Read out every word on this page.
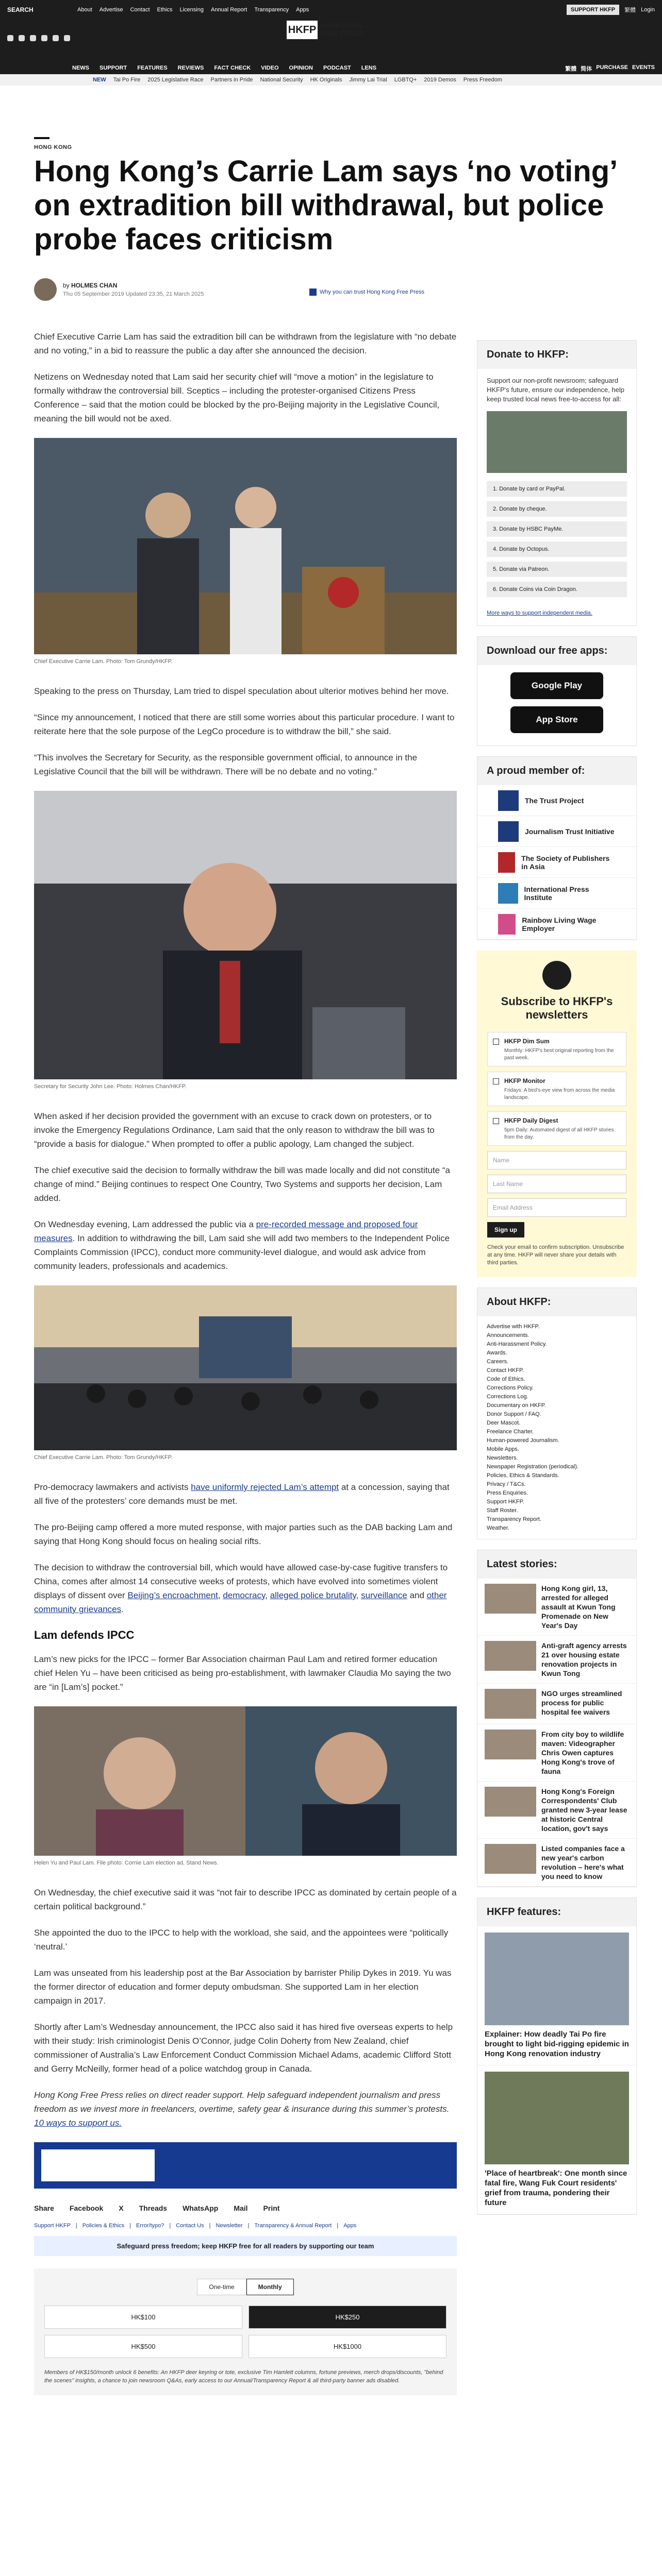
SEARCH	About Advertise Contact Ethics Licensing Annual Report Transparency Apps	SUPPORT HKFP	繁體 Login
HKFP HONG KONG
FREE PRESS
NEWS SUPPORT FEATURES REVIEWS FACT CHECK VIDEO OPINION PODCAST LENS	繁體 简体 PURCHASE EVENTS
NEW Tai Po Fire 2025 Legislative Race Partners in Pride National Security HK Originals Jimmy Lai Trial LGBTQ+ 2019 Demos Press Freedom
HONG KONG
Hong Kong’s Carrie Lam says ‘no voting’ on extradition bill withdrawal, but police probe faces criticism
by HOLMES CHAN
Thu 05 September 2019 Updated 23:35, 21 March 2025	Why you can trust Hong Kong Free Press

Chief Executive Carrie Lam has said the extradition bill can be withdrawn from the legislature with “no debate and no voting,” in a bid to reassure the public a day after she announced the decision.

Netizens on Wednesday noted that Lam said her security chief will “move a motion” in the legislature to formally withdraw the controversial bill. Sceptics – including the protester-organised Citizens Press Conference – said that the motion could be blocked by the pro-Beijing majority in the Legislative Council, meaning the bill would not be axed.

Chief Executive Carrie Lam. Photo: Tom Grundy/HKFP.

Speaking to the press on Thursday, Lam tried to dispel speculation about ulterior motives behind her move.

“Since my announcement, I noticed that there are still some worries about this particular procedure. I want to reiterate here that the sole purpose of the LegCo procedure is to withdraw the bill,” she said.

“This involves the Secretary for Security, as the responsible government official, to announce in the Legislative Council that the bill will be withdrawn. There will be no debate and no voting.”

Secretary for Security John Lee. Photo: Holmes Chan/HKFP.

When asked if her decision provided the government with an excuse to crack down on protesters, or to invoke the Emergency Regulations Ordinance, Lam said that the only reason to withdraw the bill was to “provide a basis for dialogue.” When prompted to offer a public apology, Lam changed the subject.

The chief executive said the decision to formally withdraw the bill was made locally and did not constitute “a change of mind.” Beijing continues to respect One Country, Two Systems and supports her decision, Lam added.

On Wednesday evening, Lam addressed the public via a pre-recorded message and proposed four measures. In addition to withdrawing the bill, Lam said she will add two members to the Independent Police Complaints Commission (IPCC), conduct more community-level dialogue, and would ask advice from community leaders, professionals and academics.

Chief Executive Carrie Lam. Photo: Tom Grundy/HKFP.

Pro-democracy lawmakers and activists have uniformly rejected Lam’s attempt at a concession, saying that all five of the protesters’ core demands must be met.

The pro-Beijing camp offered a more muted response, with major parties such as the DAB backing Lam and saying that Hong Kong should focus on healing social rifts.

The decision to withdraw the controversial bill, which would have allowed case-by-case fugitive transfers to China, comes after almost 14 consecutive weeks of protests, which have evolved into sometimes violent displays of dissent over Beijing’s encroachment, democracy, alleged police brutality, surveillance and other community grievances.

Lam defends IPCC

Lam’s new picks for the IPCC – former Bar Association chairman Paul Lam and retired former education chief Helen Yu – have been criticised as being pro-establishment, with lawmaker Claudia Mo saying the two are “in [Lam’s] pocket.”

Helen Yu and Paul Lam. File photo: Cornie Lam election ad, Stand News.

On Wednesday, the chief executive said it was “not fair to describe IPCC as dominated by certain people of a certain political background.”

She appointed the duo to the IPCC to help with the workload, she said, and the appointees were “politically ‘neutral.’

Lam was unseated from his leadership post at the Bar Association by barrister Philip Dykes in 2019. Yu was the former director of education and former deputy ombudsman. She supported Lam in her election campaign in 2017.

Shortly after Lam’s Wednesday announcement, the IPCC also said it has hired five overseas experts to help with their study: Irish criminologist Denis O’Connor, judge Colin Doherty from New Zealand, chief commissioner of Australia’s Law Enforcement Conduct Commission Michael Adams, academic Clifford Stott and Gerry McNeilly, former head of a police watchdog group in Canada.

Hong Kong Free Press relies on direct reader support. Help safeguard independent journalism and press freedom as we invest more in freelancers, overtime, safety gear & insurance during this summer’s protests. 10 ways to support us.

Share Facebook X Threads WhatsApp Mail Print
Support HKFP | Policies & Ethics | Error/typo? | Contact Us | Newsletter | Transparency & Annual Report | Apps
Safeguard press freedom; keep HKFP free for all readers by supporting our team
One-time	Monthly
HK$100	HK$250
HK$500	HK$1000
Members of HK$150/month unlock 6 benefits: An HKFP deer keyring or tote, exclusive Tim Hamlett columns, fortune previews, merch drops/discounts, "behind the scenes" insights, a chance to join newsroom Q&As, early access to our Annual/Transparency Report & all third-party banner ads disabled.
Donate to HKFP:
Support our non-profit newsroom; safeguard HKFP's future, ensure our independence, help keep trusted local news free-to-access for all:
1. Donate by card or PayPal.
2. Donate by cheque.
3. Donate by HSBC PayMe.
4. Donate by Octopus.
5. Donate via Patreon.
6. Donate Coins via Coin Dragon.
More ways to support independent media.
Download our free apps:
Google Play
App Store
A proud member of:
The Trust Project
Journalism Trust Initiative
The Society of Publishers in Asia
International Press Institute
Rainbow Living Wage Employer
Subscribe to HKFP's newsletters
HKFP Dim Sum
Monthly: HKFP's best original reporting from the past week.
HKFP Monitor
Fridays: A bird's-eye view from across the media landscape.
HKFP Daily Digest
5pm Daily: Automated digest of all HKFP stories from the day.
Name
Last Name
Email Address
Sign up
Check your email to confirm subscription. Unsubscribe at any time. HKFP will never share your details with third parties.
About HKFP:
Advertise with HKFP.
Announcements.
Anti-Harassment Policy.
Awards.
Careers.
Contact HKFP.
Code of Ethics.
Corrections Policy.
Corrections Log.
Documentary on HKFP.
Donor Support / FAQ.
Deer Mascot.
Freelance Charter.
Human-powered Journalism.
Mobile Apps.
Newsletters.
Newspaper Registration (periodical).
Policies, Ethics & Standards.
Privacy / T&Cs.
Press Enquiries.
Support HKFP.
Staff Roster.
Transparency Report.
Weather.
Latest stories:
Hong Kong girl, 13, arrested for alleged assault at Kwun Tong Promenade on New Year's Day
Anti-graft agency arrests 21 over housing estate renovation projects in Kwun Tong
NGO urges streamlined process for public hospital fee waivers
From city boy to wildlife maven: Videographer Chris Owen captures Hong Kong's trove of fauna
Hong Kong's Foreign Correspondents' Club granted new 3-year lease at historic Central location, gov't says
Listed companies face a new year's carbon revolution – here's what you need to know
HKFP features:
Explainer: How deadly Tai Po fire brought to light bid-rigging epidemic in Hong Kong renovation industry
'Place of heartbreak': One month since fatal fire, Wang Fuk Court residents' grief from trauma, pondering their future
